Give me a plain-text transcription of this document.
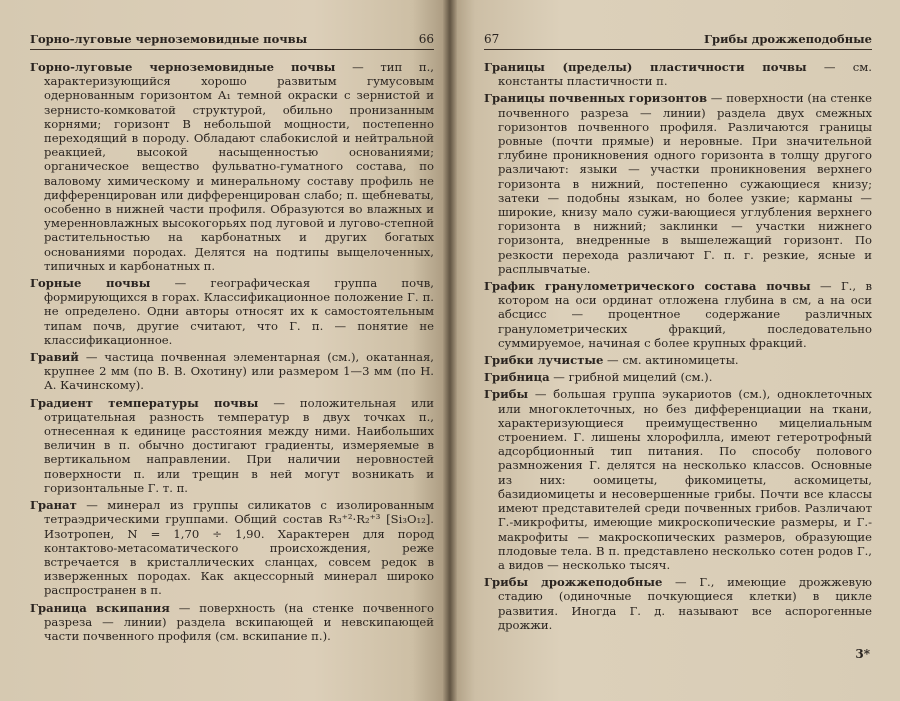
Горно-луговые черноземовидные почвы	66

Горно-луговые черноземовидные почвы — тип п., характеризующийся хорошо развитым гумусовым одернованным горизонтом A₁ темной окраски с зернистой и зернисто-комковатой структурой, обильно пронизанным корнями; горизонт B небольшой мощности, постепенно переходящий в породу. Обладают слабокислой и нейтральной реакцией, высокой насыщенностью основаниями; органическое вещество фульватно-гуматного состава, по валовому химическому и минеральному составу профиль не дифференцирован или дифференцирован слабо; п. щебневаты, особенно в нижней части профиля. Образуются во влажных и умеренновлажных высокогорьях под луговой и лугово-степной растительностью на карбонатных и других богатых основаниями породах. Делятся на подтипы выщелоченных, типичных и карбонатных п.

Горные почвы — географическая группа почв, формирующихся в горах. Классификационное положение Г. п. не определено. Одни авторы относят их к самостоятельным типам почв, другие считают, что Г. п. — понятие не классификационное.

Гравий — частица почвенная элементарная (см.), окатанная, крупнее 2 мм (по В. В. Охотину) или размером 1—3 мм (по Н. А. Качинскому).

Градиент температуры почвы — положительная или отрицательная разность температур в двух точках п., отнесенная к единице расстояния между ними. Наибольших величин в п. обычно достигают градиенты, измеряемые в вертикальном направлении. При наличии неровностей поверхности п. или трещин в ней могут возникать и горизонтальные Г. т. п.

Гранат — минерал из группы силикатов с изолированным тетраэдрическими группами. Общий состав R₃⁺²·R₂⁺³ [Si₃O₁₂]. Изотропен, N = 1,70 ÷ 1,90. Характерен для пород контактово-метасоматического происхождения, реже встречается в кристаллических сланцах, совсем редок в изверженных породах. Как акцессорный минерал широко распространен в п.

Граница вскипания — поверхность (на стенке почвенного разреза — линии) раздела вскипающей и невскипающей части почвенного профиля (см. вскипание п.).

67	Грибы дрожжеподобные

Границы (пределы) пластичности почвы — см. константы пластичности п.

Границы почвенных горизонтов — поверхности (на стенке почвенного разреза — линии) раздела двух смежных горизонтов почвенного профиля. Различаются границы ровные (почти прямые) и неровные. При значительной глубине проникновения одного горизонта в толщу другого различают: языки — участки проникновения верхнего горизонта в нижний, постепенно сужающиеся книзу; затеки — подобны языкам, но более узкие; карманы — широкие, книзу мало сужи-вающиеся углубления верхнего горизонта в нижний; заклинки — участки нижнего горизонта, внедренные в вышележащий горизонт. По резкости перехода различают Г. п. г. резкие, ясные и расплывчатые.

График гранулометрического состава почвы — Г., в котором на оси ординат отложена глубина в см, а на оси абсцисс — процентное содержание различных гранулометрических фракций, последовательно суммируемое, начиная с более крупных фракций.

Грибки лучистые — см. актиномицеты.

Грибница — грибной мицелий (см.).

Грибы — большая группа эукариотов (см.), одноклеточных или многоклеточных, но без дифференциации на ткани, характеризующиеся преимущественно мицелиальным строением. Г. лишены хлорофилла, имеют гетеротрофный адсорбционный тип питания. По способу полового размножения Г. делятся на несколько классов. Основные из них: оомицеты, фикомицеты, аскомицеты, базидиомицеты и несовершенные грибы. Почти все классы имеют представителей среди почвенных грибов. Различают Г.-микрофиты, имеющие микроскопические размеры, и Г.-макрофиты — макроскопических размеров, образующие плодовые тела. В п. представлено несколько сотен родов Г., а видов — несколько тысяч.

Грибы дрожжеподобные — Г., имеющие дрожжевую стадию (одиночные почкующиеся клетки) в цикле развития. Иногда Г. д. называют все аспорогенные дрожжи.

3*
